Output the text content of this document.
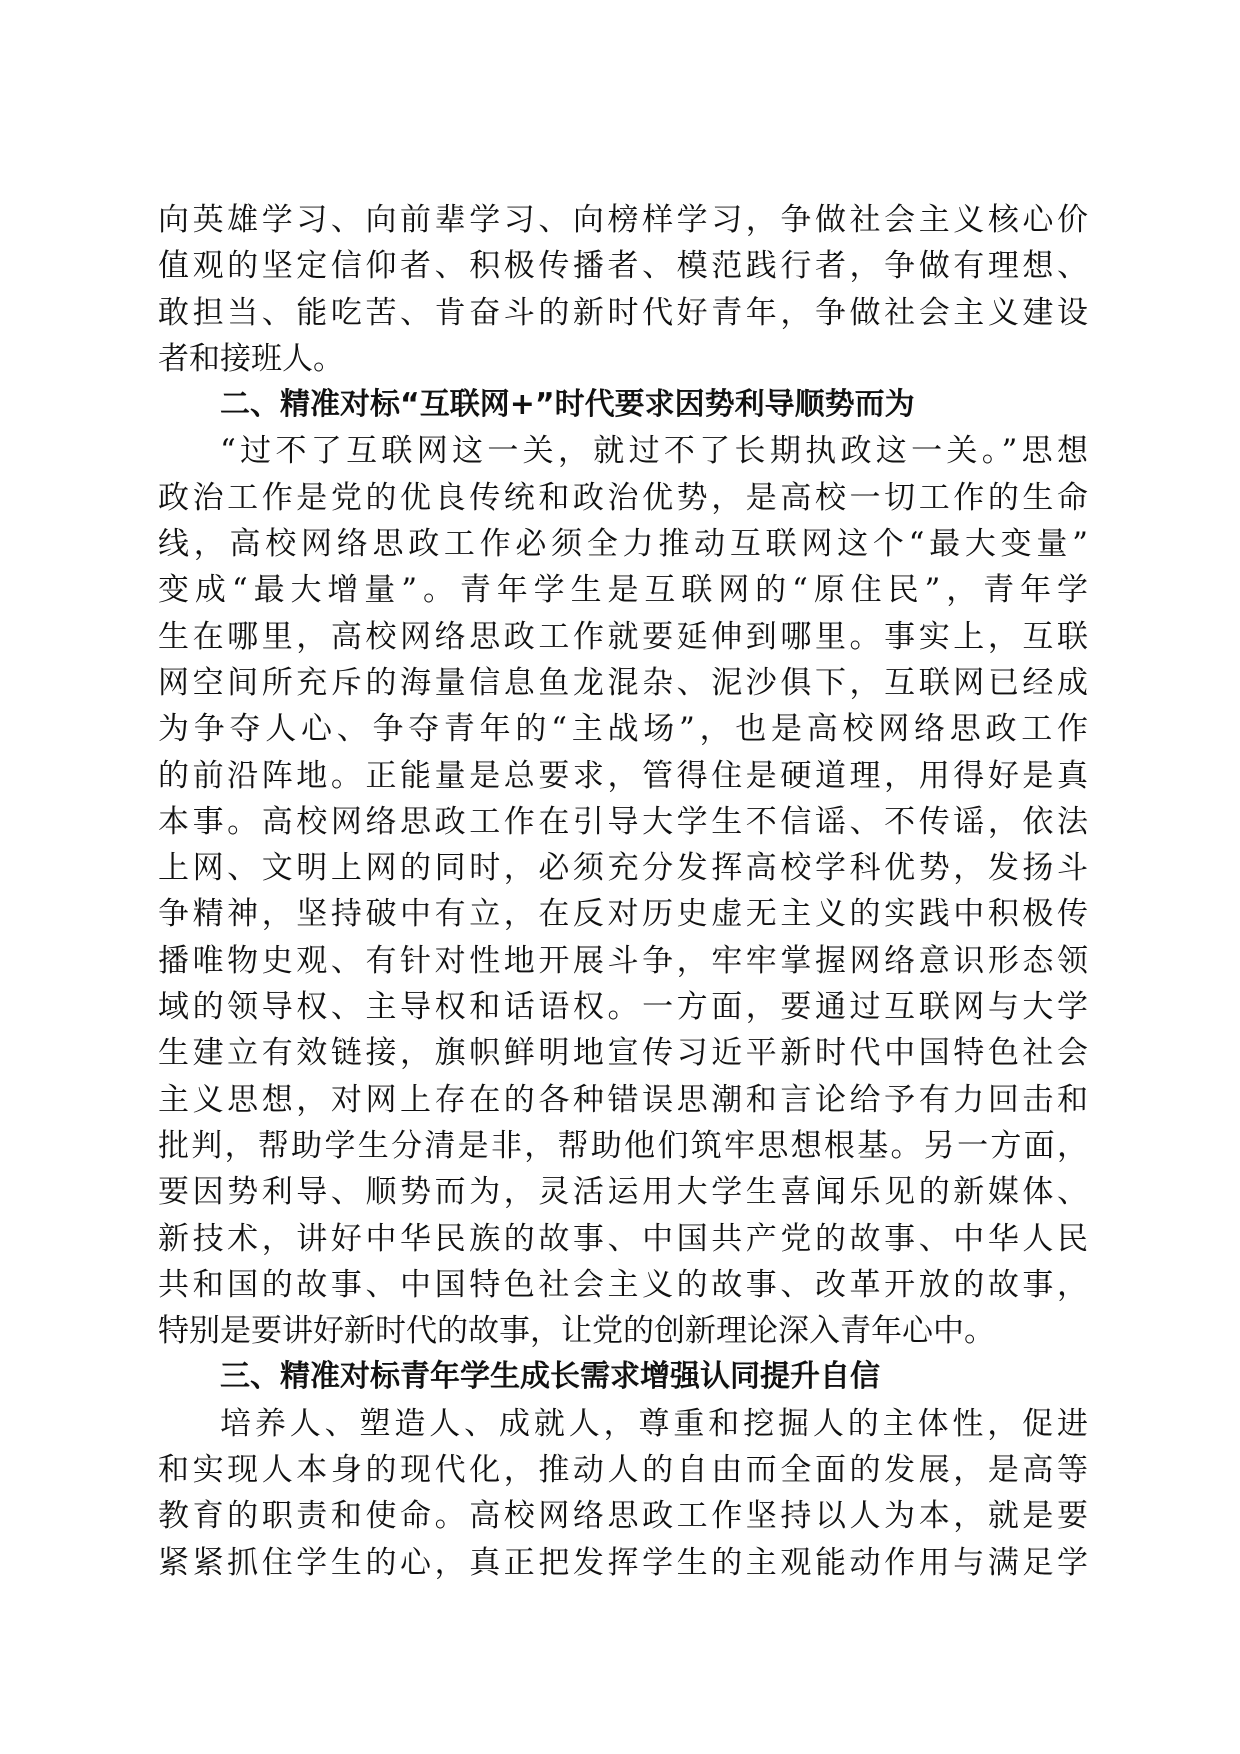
向英雄学习、向前辈学习、向榜样学习，争做社会主义核心价
值观的坚定信仰者、积极传播者、模范践行者，争做有理想、
敢担当、能吃苦、肯奋斗的新时代好青年，争做社会主义建设
者和接班人。
二、精准对标“互联网+”时代要求因势利导顺势而为
“过不了互联网这一关，就过不了长期执政这一关。”思想
政治工作是党的优良传统和政治优势，是高校一切工作的生命
线，高校网络思政工作必须全力推动互联网这个“最大变量”
变成“最大增量”。青年学生是互联网的“原住民”，青年学
生在哪里，高校网络思政工作就要延伸到哪里。事实上，互联
网空间所充斥的海量信息鱼龙混杂、泥沙俱下，互联网已经成
为争夺人心、争夺青年的“主战场”，也是高校网络思政工作
的前沿阵地。正能量是总要求，管得住是硬道理，用得好是真
本事。高校网络思政工作在引导大学生不信谣、不传谣，依法
上网、文明上网的同时，必须充分发挥高校学科优势，发扬斗
争精神，坚持破中有立，在反对历史虚无主义的实践中积极传
播唯物史观、有针对性地开展斗争，牢牢掌握网络意识形态领
域的领导权、主导权和话语权。一方面，要通过互联网与大学
生建立有效链接，旗帜鲜明地宣传习近平新时代中国特色社会
主义思想，对网上存在的各种错误思潮和言论给予有力回击和
批判，帮助学生分清是非，帮助他们筑牢思想根基。另一方面，
要因势利导、顺势而为，灵活运用大学生喜闻乐见的新媒体、
新技术，讲好中华民族的故事、中国共产党的故事、中华人民
共和国的故事、中国特色社会主义的故事、改革开放的故事，
特别是要讲好新时代的故事，让党的创新理论深入青年心中。
三、精准对标青年学生成长需求增强认同提升自信
培养人、塑造人、成就人，尊重和挖掘人的主体性，促进
和实现人本身的现代化，推动人的自由而全面的发展，是高等
教育的职责和使命。高校网络思政工作坚持以人为本，就是要
紧紧抓住学生的心，真正把发挥学生的主观能动作用与满足学
